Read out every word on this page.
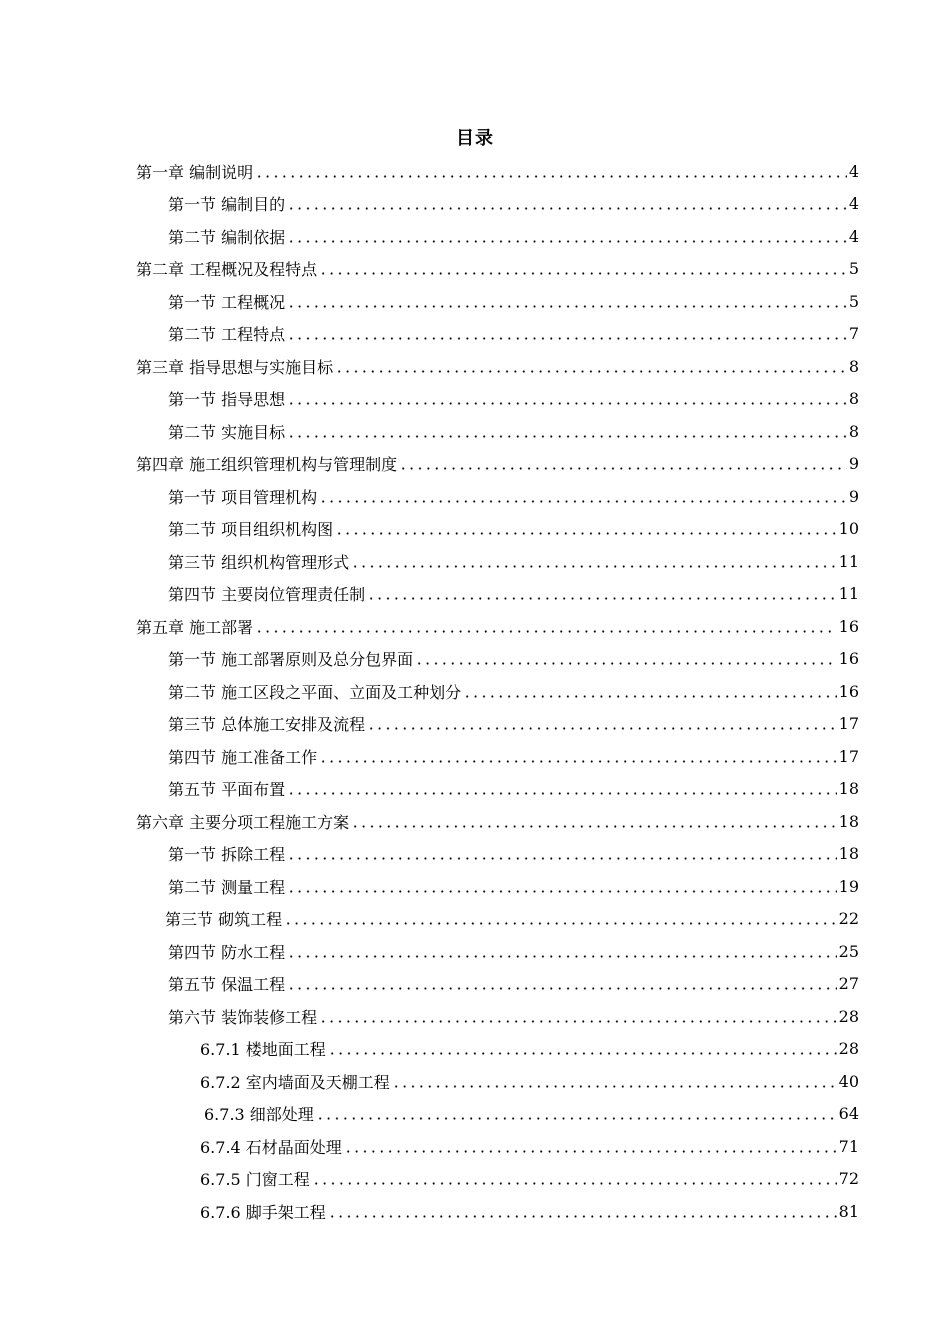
目录
第一章 编制说明	4
第一节 编制目的	4
第二节 编制依据	4
第二章 工程概况及程特点	5
第一节 工程概况	5
第二节 工程特点	7
第三章 指导思想与实施目标	8
第一节 指导思想	8
第二节 实施目标	8
第四章 施工组织管理机构与管理制度	9
第一节 项目管理机构	9
第二节 项目组织机构图	10
第三节 组织机构管理形式	11
第四节 主要岗位管理责任制	11
第五章 施工部署	16
第一节 施工部署原则及总分包界面	16
第二节 施工区段之平面、立面及工种划分	16
第三节 总体施工安排及流程	17
第四节 施工准备工作	17
第五节 平面布置	18
第六章 主要分项工程施工方案	18
第一节 拆除工程	18
第二节 测量工程	19
第三节 砌筑工程	22
第四节 防水工程	25
第五节 保温工程	27
第六节 装饰装修工程	28
6.7.1 楼地面工程	28
6.7.2 室内墙面及天棚工程	40
6.7.3 细部处理	64
6.7.4 石材晶面处理	71
6.7.5 门窗工程	72
6.7.6 脚手架工程	81
